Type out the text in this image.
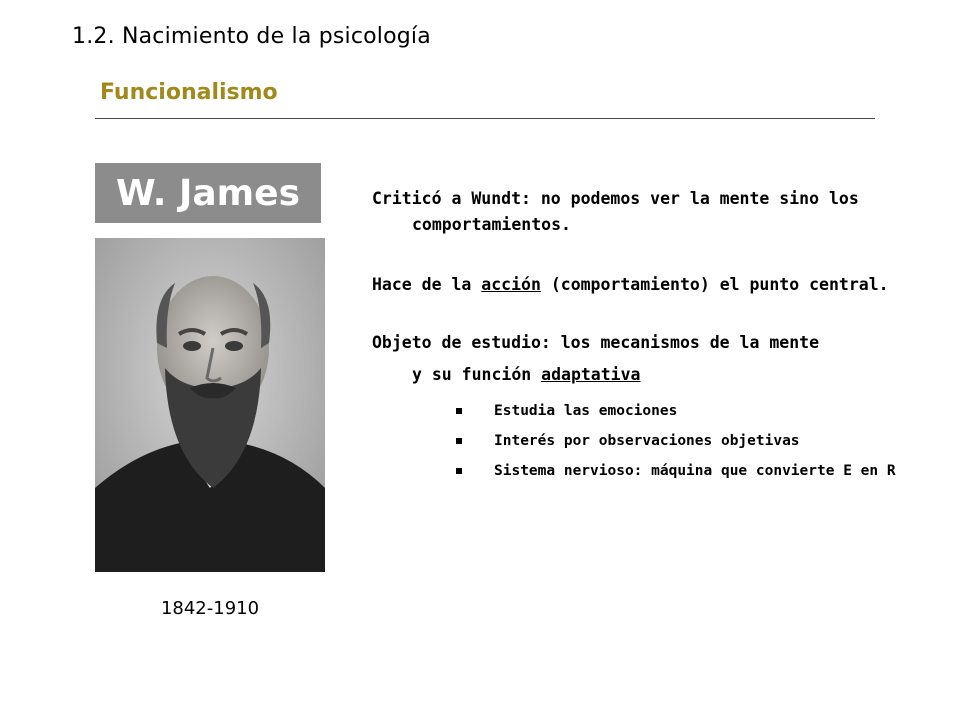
1.2. Nacimiento de la psicología
Funcionalismo
W. James
1842-1910

Criticó a Wundt: no podemos ver la mente sino los comportamientos.

Hace de la acción (comportamiento) el punto central.

Objeto de estudio: los mecanismos de la mente
y su función adaptativa
Estudia las emociones
Interés por observaciones objetivas
Sistema nervioso: máquina que convierte E en R
